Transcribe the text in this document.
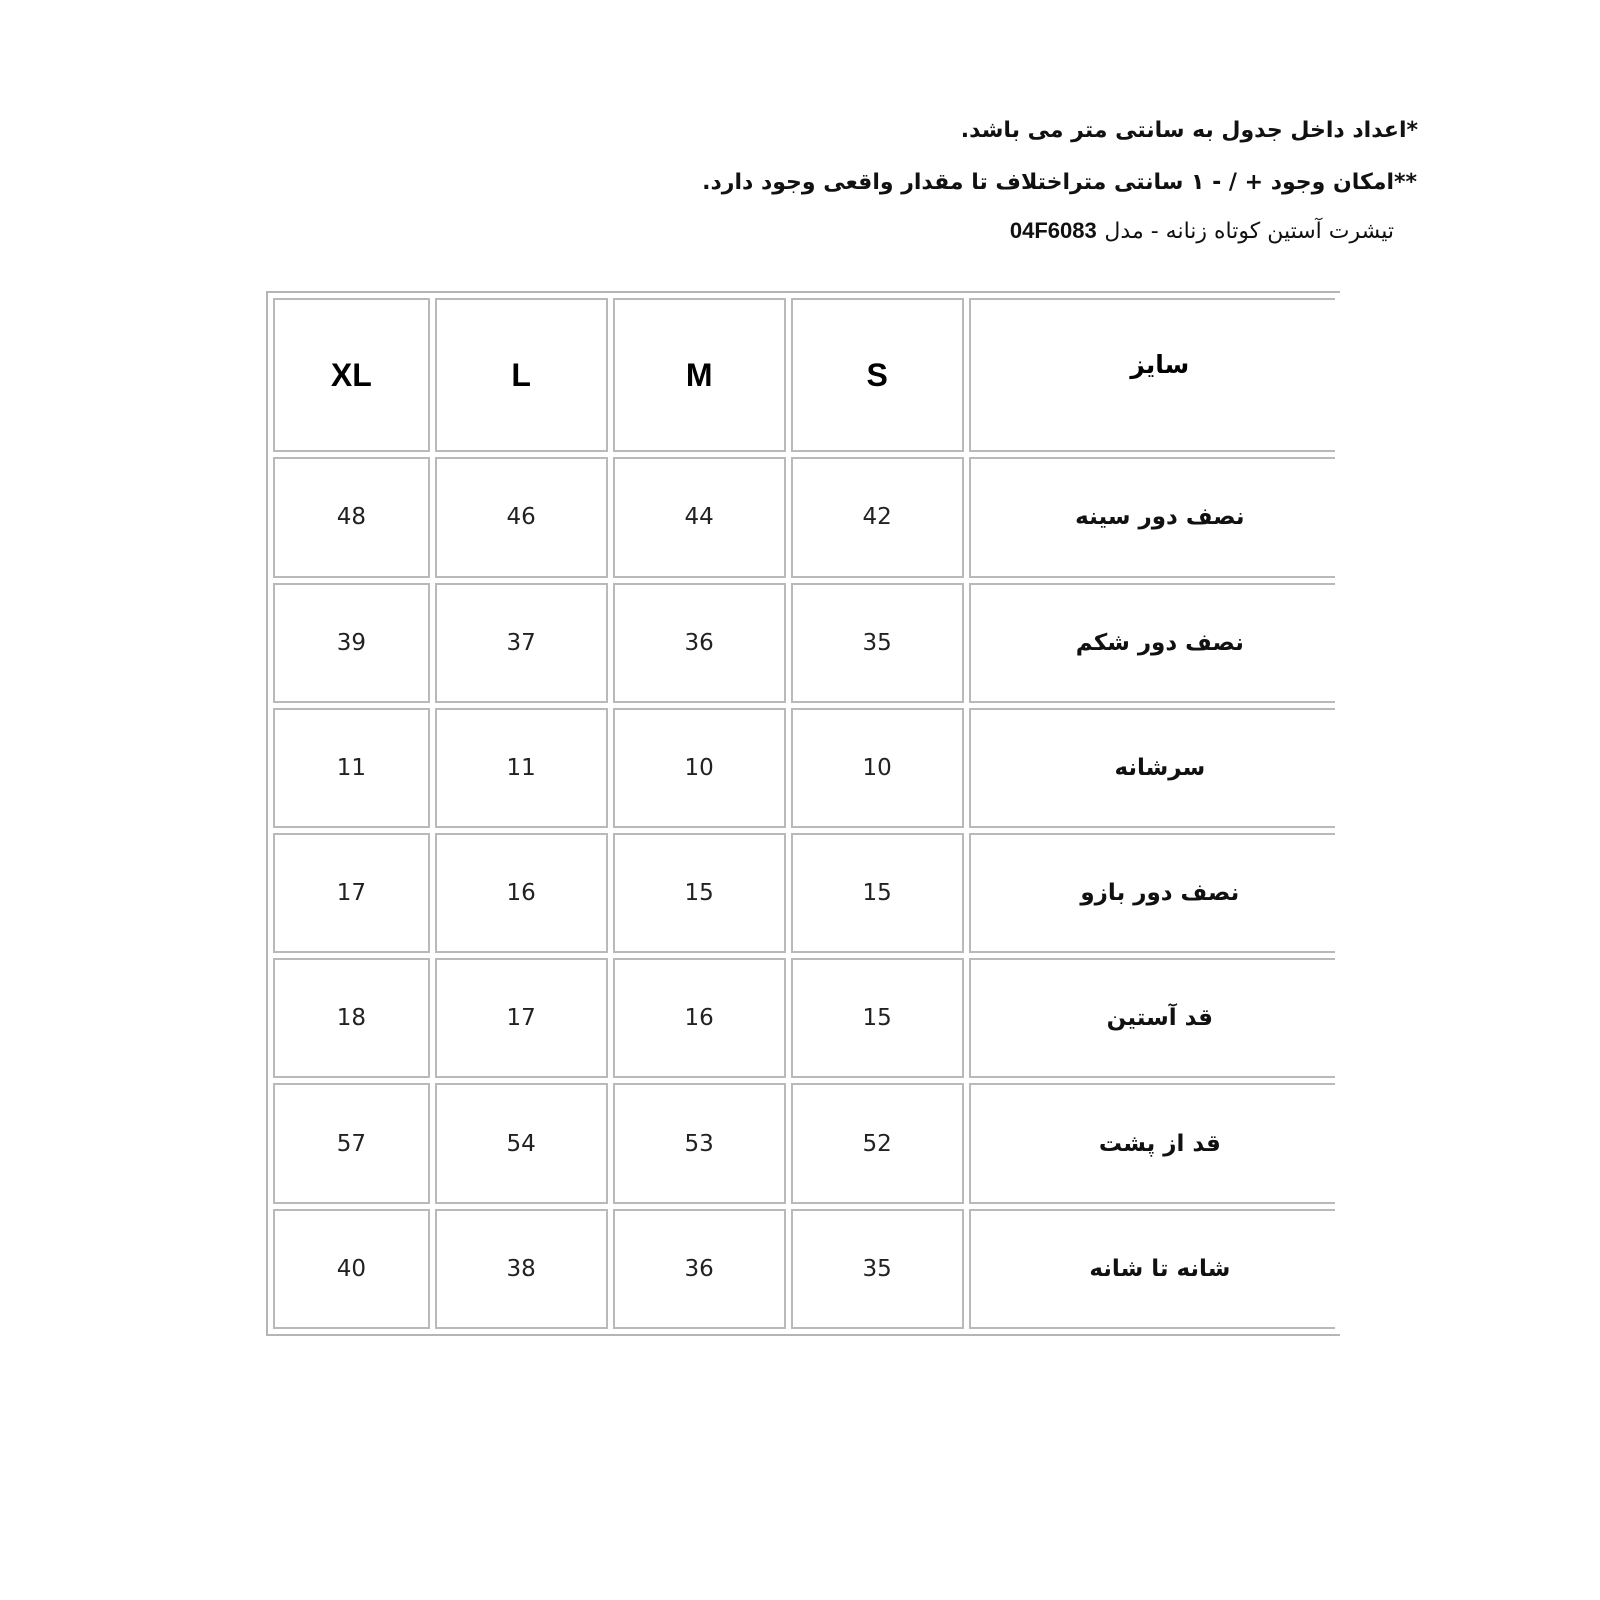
*اعداد داخل جدول به سانتی متر می باشد.
**امکان وجود + / - ۱ سانتی متراختلاف تا مقدار واقعی وجود دارد.
تیشرت آستین کوتاه زنانه - مدل 04F6083
XL	L	M	S	سایز
48	46	44	42	نصف دور سینه
39	37	36	35	نصف دور شکم
11	11	10	10	سرشانه
17	16	15	15	نصف دور بازو
18	17	16	15	قد آستین
57	54	53	52	قد از پشت
40	38	36	35	شانه تا شانه
